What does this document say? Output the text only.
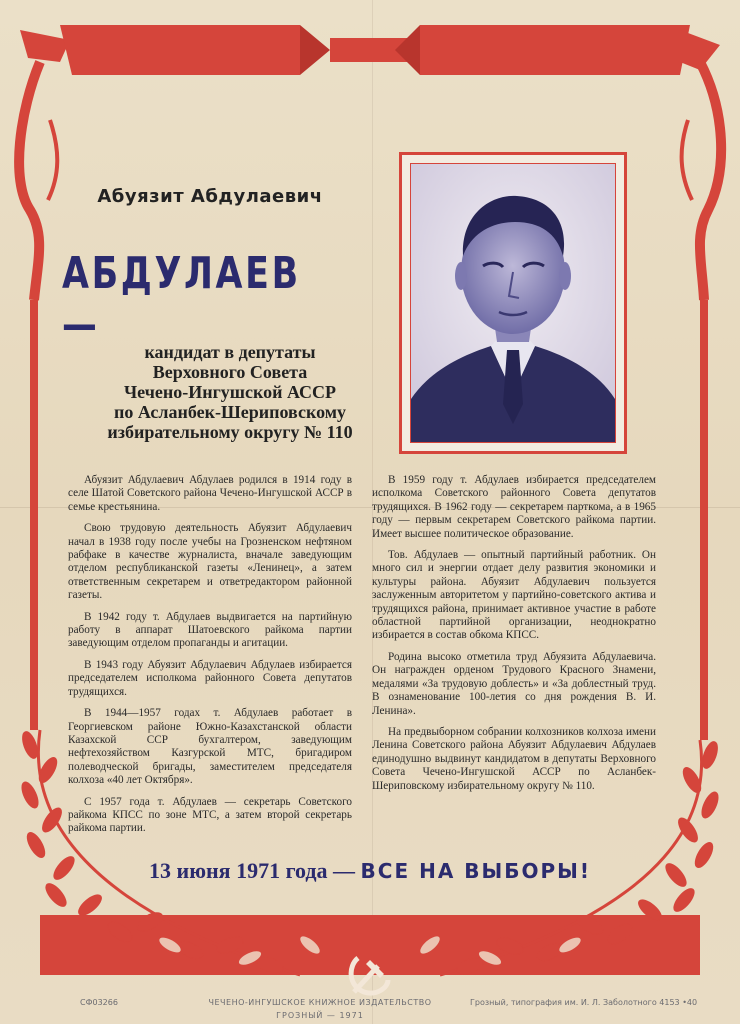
Абуязит Абдулаевич
АБДУЛАЕВ —
кандидат в депутаты
Верховного Совета
Чечено-Ингушской АССР
по Асланбек-Шериповскому
избирательному округу № 110

Абуязит Абдулаевич Абдулаев родился в 1914 году в селе Шатой Советского района Чечено-Ингушской АССР в семье крестьянина.

Свою трудовую деятельность Абуязит Абдулаевич начал в 1938 году после учебы на Грозненском нефтяном рабфаке в качестве журналиста, вначале заведующим отделом республиканской газеты «Ленинец», а затем ответственным секретарем и ответредактором районной газеты.

В 1942 году т. Абдулаев выдвигается на партийную работу в аппарат Шатоевского райкома партии заведующим отделом пропаганды и агитации.

В 1943 году Абуязит Абдулаевич Абдулаев избирается председателем исполкома районного Совета депутатов трудящихся.

В 1944—1957 годах т. Абдулаев работает в Георгиевском районе Южно-Казахстанской области Казахской ССР бухгалтером, заведующим нефтехозяйством Казгурской МТС, бригадиром полеводческой бригады, заместителем председателя колхоза «40 лет Октября».

С 1957 года т. Абдулаев — секретарь Советского райкома КПСС по зоне МТС, а затем второй секретарь райкома партии.

В 1959 году т. Абдулаев избирается председателем исполкома Советского районного Совета депутатов трудящихся. В 1962 году — секретарем парткома, а в 1965 году — первым секретарем Советского райкома партии. Имеет высшее политическое образование.

Тов. Абдулаев — опытный партийный работник. Он много сил и энергии отдает делу развития экономики и культуры района. Абуязит Абдулаевич пользуется заслуженным авторитетом у партийно-советского актива и трудящихся района, принимает активное участие в работе областной партийной организации, неоднократно избирается в состав обкома КПСС.

Родина высоко отметила труд Абуязита Абдулаевича. Он награжден орденом Трудового Красного Знамени, медалями «За трудовую доблесть» и «За доблестный труд. В ознаменование 100-летия со дня рождения В. И. Ленина».

На предвыборном собрании колхозников колхоза имени Ленина Советского района Абуязит Абдулаевич Абдулаев единодушно выдвинут кандидатом в депутаты Верховного Совета Чечено-Ингушской АССР по Асланбек-Шериповскому избирательному округу № 110.

13 июня 1971 года — ВСЕ НА ВЫБОРЫ!
СФ03266	ЧЕЧЕНО-ИНГУШСКОЕ КНИЖНОЕ ИЗДАТЕЛЬСТВО	Грозный, типография им. И. Л. Заболотного 4153 •40
ГРОЗНЫЙ — 1971
